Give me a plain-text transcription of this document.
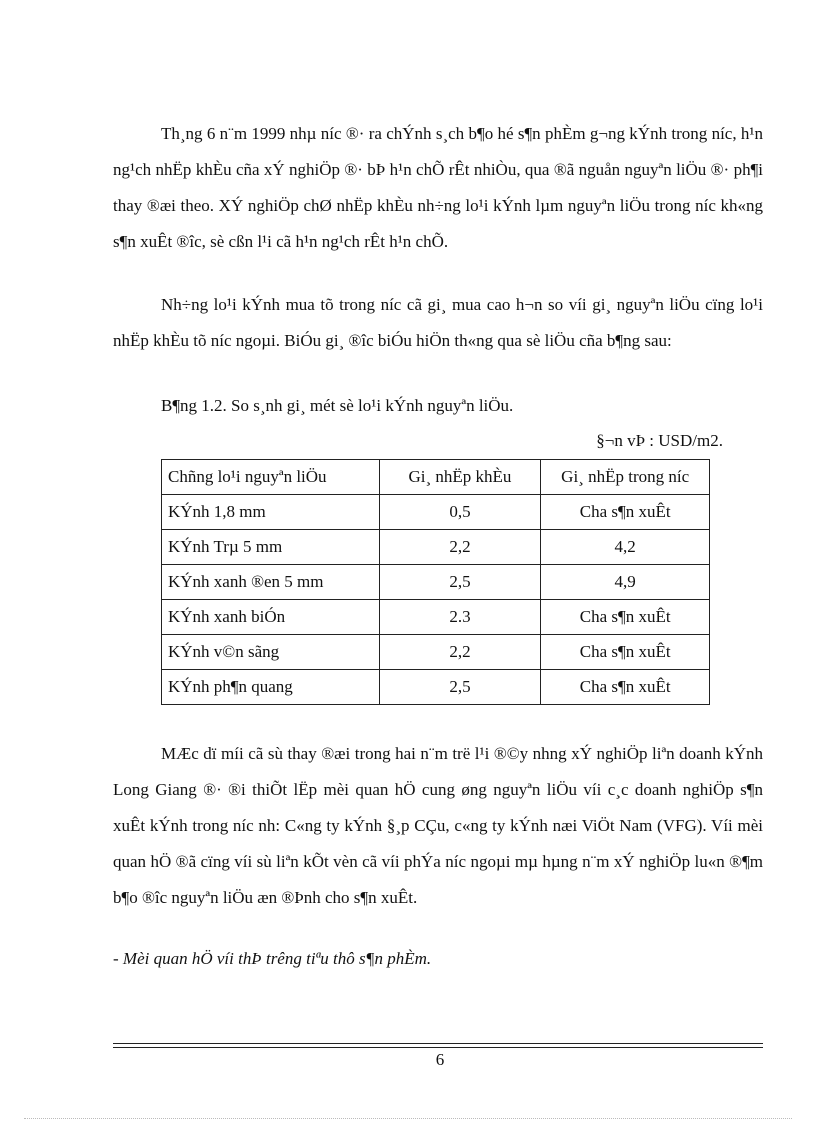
Th¸ng 6 n¨m 1999 nhµ níc ®· ra chÝnh s¸ch b¶o hé s¶n phÈm g¬ng kÝnh trong níc, h¹n ng¹ch nhËp khÈu cña xÝ nghiÖp ®· bÞ h¹n chÕ rÊt nhiÒu, qua ®ã nguån nguyªn liÖu ®· ph¶i thay ®æi theo. XÝ nghiÖp chØ nhËp khÈu nh÷ng lo¹i kÝnh lµm nguyªn liÖu trong níc kh«ng s¶n xuÊt ®îc, sè cßn l¹i cã h¹n ng¹ch rÊt h¹n chÕ.

Nh÷ng lo¹i kÝnh mua tõ trong níc cã gi¸ mua cao h¬n so víi gi¸ nguyªn liÖu cïng lo¹i nhËp khÈu tõ níc ngoµi. BiÓu gi¸ ®îc biÓu hiÖn th«ng qua sè liÖu cña b¶ng sau:

B¶ng 1.2. So s¸nh gi¸ mét sè lo¹i kÝnh nguyªn liÖu.

§¬n vÞ : USD/m2.

Chñng lo¹i nguyªn liÖu	Gi¸ nhËp khÈu	Gi¸ nhËp trong níc
KÝnh 1,8 mm	0,5	Cha s¶n xuÊt
KÝnh Trµ 5 mm	2,2	4,2
KÝnh xanh ®en 5 mm	2,5	4,9
KÝnh xanh biÓn	2.3	Cha s¶n xuÊt
KÝnh v©n sãng	2,2	Cha s¶n xuÊt
KÝnh ph¶n quang	2,5	Cha s¶n xuÊt

MÆc dï míi cã sù thay ®æi trong hai n¨m trë l¹i ®©y nhng xÝ nghiÖp liªn doanh kÝnh Long Giang ®· ®i thiÕt lËp mèi quan hÖ cung øng nguyªn liÖu víi c¸c doanh nghiÖp s¶n xuÊt kÝnh trong níc nh: C«ng ty kÝnh §¸p CÇu, c«ng ty kÝnh næi ViÖt Nam (VFG). Víi mèi quan hÖ ®ã cïng víi sù liªn kÕt vèn cã víi phÝa níc ngoµi mµ hµng n¨m xÝ nghiÖp lu«n ®¶m b¶o ®îc nguyªn liÖu æn ®Þnh cho s¶n xuÊt.

- Mèi quan hÖ víi thÞ trêng tiªu thô s¶n phÈm.

6
